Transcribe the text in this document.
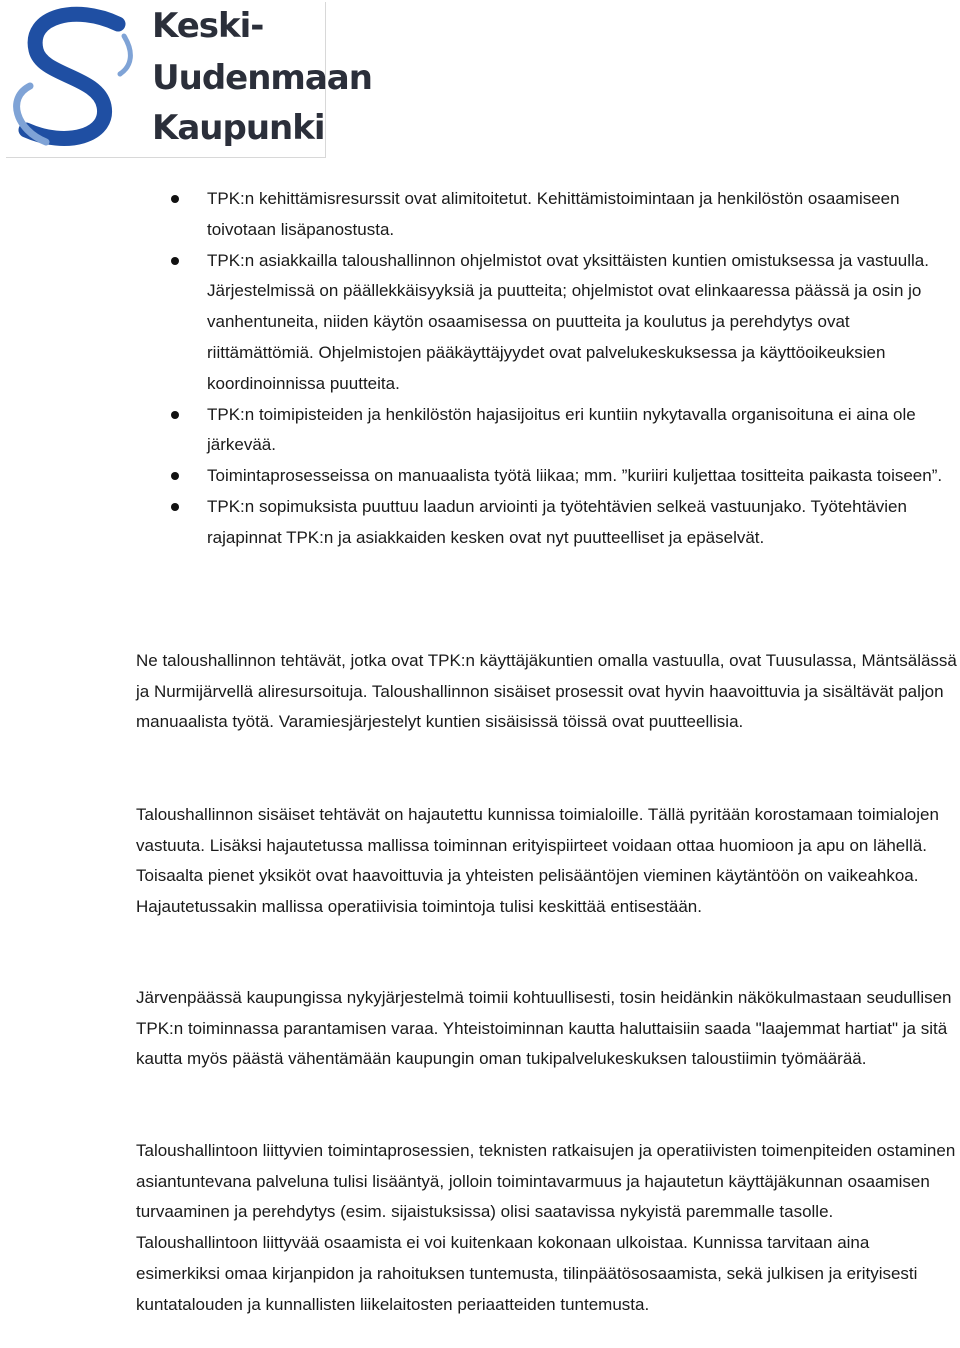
Keski-
Uudenmaan
Kaupunki
TPK:n kehittämisresurssit ovat alimitoitetut. Kehittämistoimintaan ja henkilöstön osaamiseen toivotaan lisäpanostusta.
TPK:n asiakkailla taloushallinnon ohjelmistot ovat yksittäisten kuntien omistuksessa ja vastuulla. Järjestelmissä on päällekkäisyyksiä ja puutteita; ohjelmistot ovat elinkaaressa päässä ja osin jo vanhentuneita, niiden käytön osaamisessa on puutteita ja koulutus ja perehdytys ovat riittämättömiä. Ohjelmistojen pääkäyttäjyydet ovat palvelukeskuksessa ja käyttöoikeuksien koordinoinnissa puutteita.
TPK:n toimipisteiden ja henkilöstön hajasijoitus eri kuntiin nykytavalla organisoituna ei aina ole järkevää.
Toimintaprosesseissa on manuaalista työtä liikaa; mm. ”kuriiri kuljettaa tositteita paikasta toiseen”.
TPK:n sopimuksista puuttuu laadun arviointi ja työtehtävien selkeä vastuunjako. Työtehtävien rajapinnat TPK:n ja asiakkaiden kesken ovat nyt puutteelliset ja epäselvät.

Ne taloushallinnon tehtävät, jotka ovat TPK:n käyttäjäkuntien omalla vastuulla, ovat Tuusulassa, Mäntsälässä ja Nurmijärvellä aliresursoituja. Taloushallinnon sisäiset prosessit ovat hyvin haavoittuvia ja sisältävät paljon manuaalista työtä. Varamiesjärjestelyt kuntien sisäisissä töissä ovat puutteellisia.

Taloushallinnon sisäiset tehtävät on hajautettu kunnissa toimialoille. Tällä pyritään korostamaan toimialojen vastuuta. Lisäksi hajautetussa mallissa toiminnan erityispiirteet voidaan ottaa huomioon ja apu on lähellä. Toisaalta pienet yksiköt ovat haavoittuvia ja yhteisten pelisääntöjen vieminen käytäntöön on vaikeahkoa. Hajautetussakin mallissa operatiivisia toimintoja tulisi keskittää entisestään.

Järvenpäässä kaupungissa nykyjärjestelmä toimii kohtuullisesti, tosin heidänkin näkökulmastaan seudullisen TPK:n toiminnassa parantamisen varaa. Yhteistoiminnan kautta haluttaisiin saada "laajemmat hartiat" ja sitä kautta myös päästä vähentämään kaupungin oman tukipalvelukeskuksen taloustiimin työmäärää.

Taloushallintoon liittyvien toimintaprosessien, teknisten ratkaisujen ja operatiivisten toimenpiteiden ostaminen asiantuntevana palveluna tulisi lisääntyä, jolloin toimintavarmuus ja hajautetun käyttäjäkunnan osaamisen turvaaminen ja perehdytys (esim. sijaistuksissa) olisi saatavissa nykyistä paremmalle tasolle. Taloushallintoon liittyvää osaamista ei voi kuitenkaan kokonaan ulkoistaa. Kunnissa tarvitaan aina esimerkiksi omaa kirjanpidon ja rahoituksen tuntemusta, tilinpäätösosaamista, sekä julkisen ja erityisesti kuntatalouden ja kunnallisten liikelaitosten periaatteiden tuntemusta.
